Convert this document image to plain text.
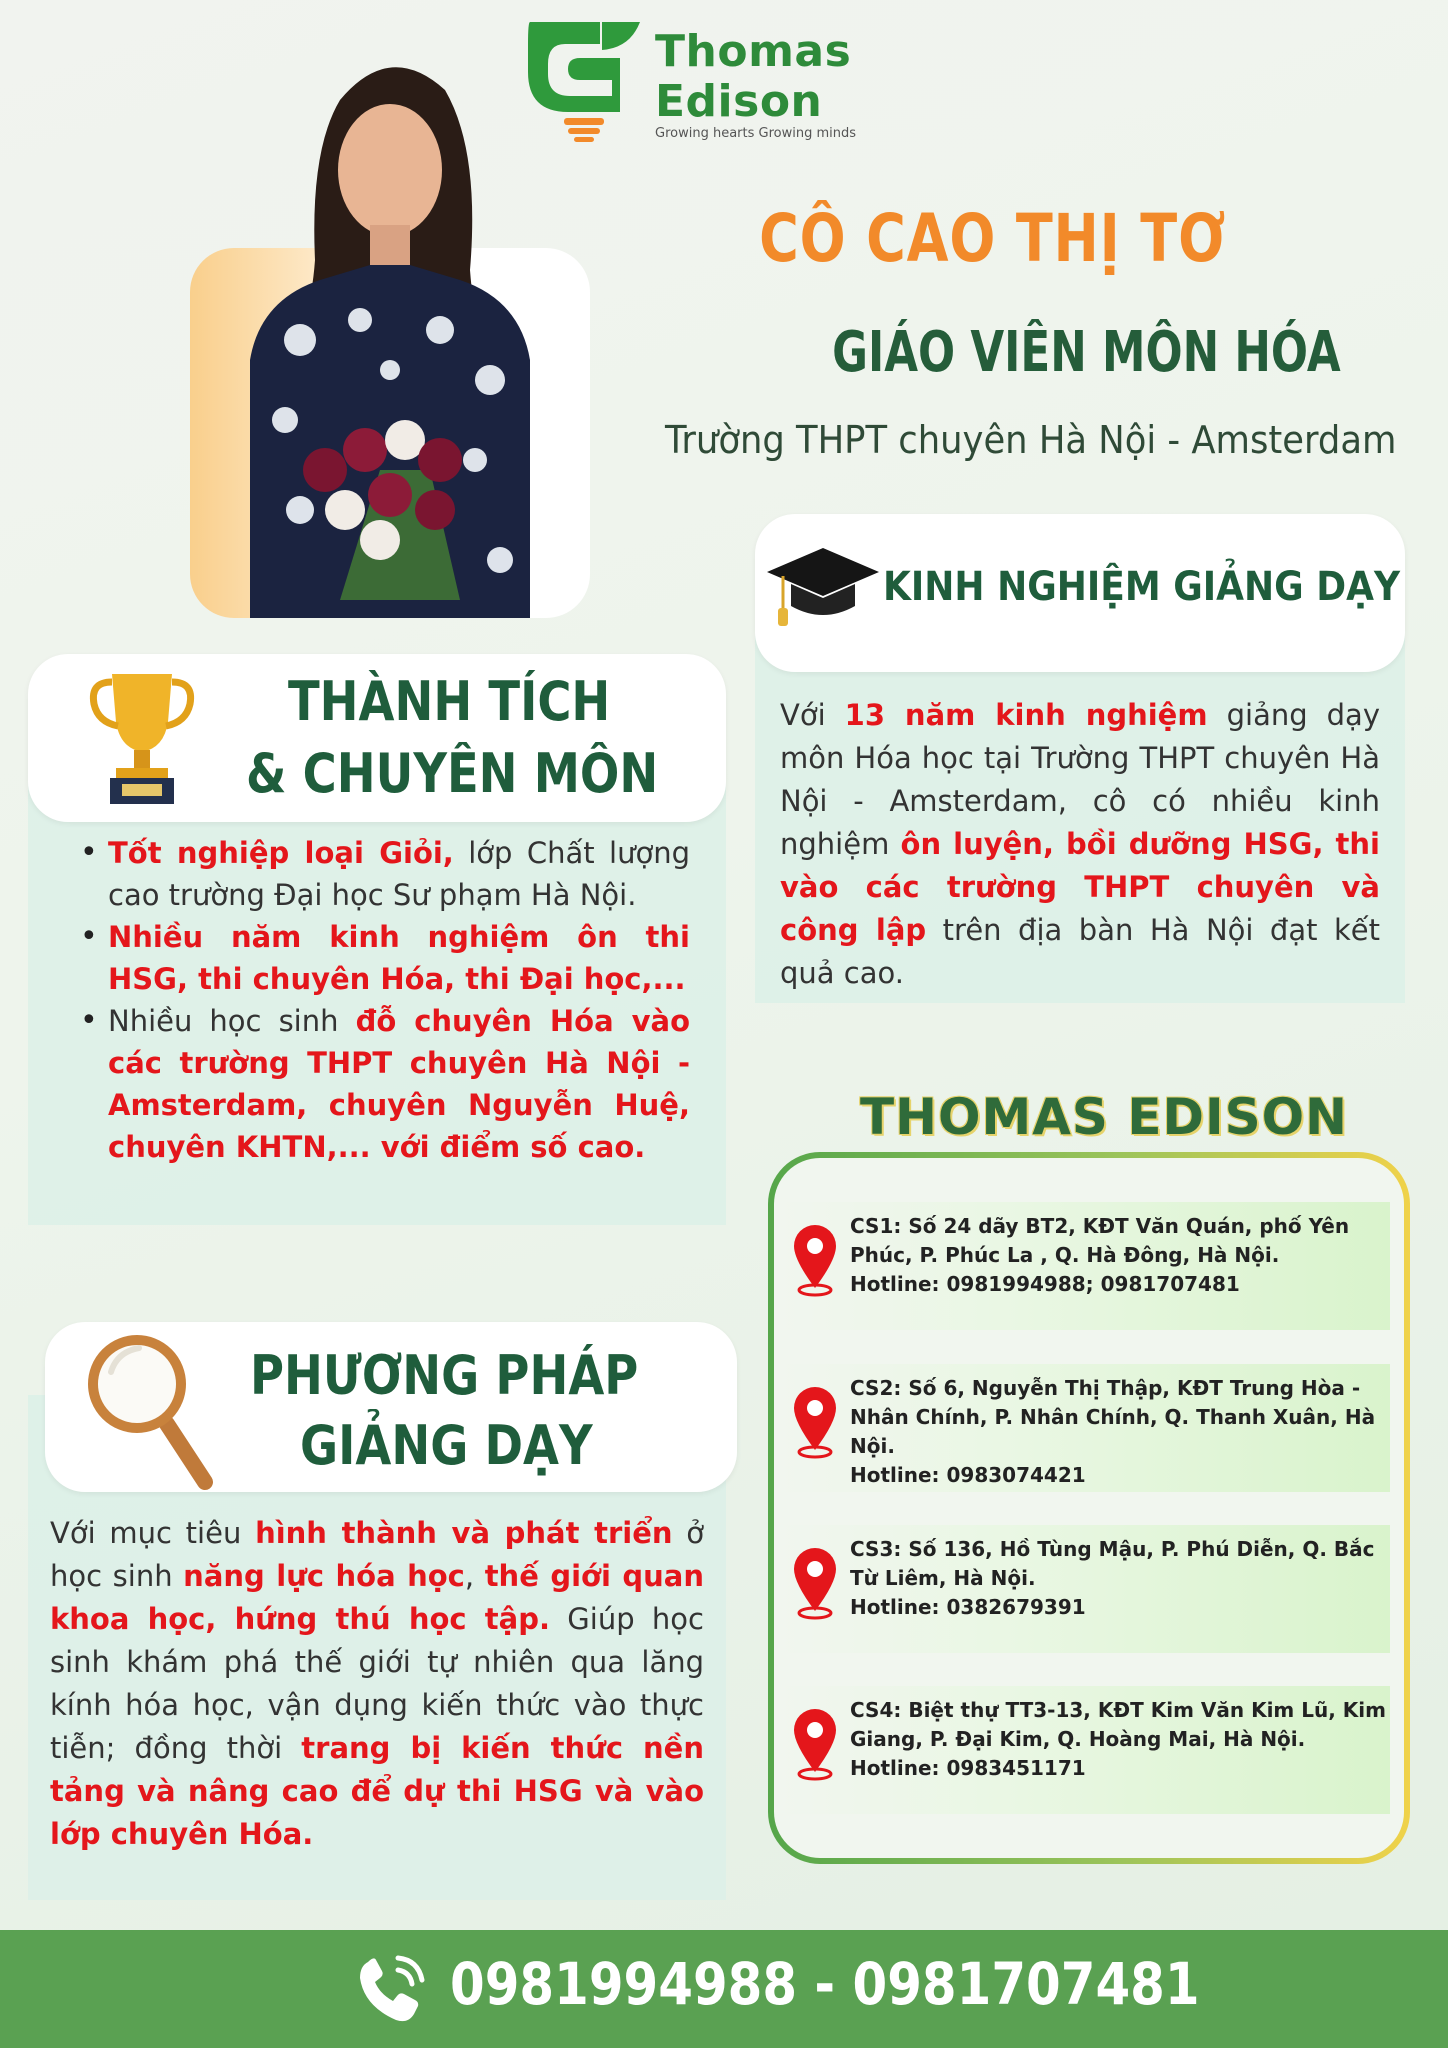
Thomas
Edison
Growing hearts Growing minds
CÔ CAO THỊ TƠ
GIÁO VIÊN MÔN HÓA
Trường THPT chuyên Hà Nội - Amsterdam
THÀNH TÍCH
& CHUYÊN MÔN
• Tốt nghiệp loại Giỏi, lớp Chất lượng cao trường Đại học Sư phạm Hà Nội.
• Nhiều năm kinh nghiệm ôn thi HSG, thi chuyên Hóa, thi Đại học,...
• Nhiều học sinh đỗ chuyên Hóa vào các trường THPT chuyên Hà Nội - Amsterdam, chuyên Nguyễn Huệ, chuyên KHTN,... với điểm số cao.
KINH NGHIỆM GIẢNG DẠY
Với 13 năm kinh nghiệm giảng dạy môn Hóa học tại Trường THPT chuyên Hà Nội - Amsterdam, cô có nhiều kinh nghiệm ôn luyện, bồi dưỡng HSG, thi vào các trường THPT chuyên và công lập trên địa bàn Hà Nội đạt kết quả cao.
PHƯƠNG PHÁP
GIẢNG DẠY
Với mục tiêu hình thành và phát triển ở học sinh năng lực hóa học, thế giới quan khoa học, hứng thú học tập. Giúp học sinh khám phá thế giới tự nhiên qua lăng kính hóa học, vận dụng kiến thức vào thực tiễn; đồng thời trang bị kiến thức nền tảng và nâng cao để dự thi HSG và vào lớp chuyên Hóa.
THOMAS EDISON
CS1: Số 24 dãy BT2, KĐT Văn Quán, phố Yên Phúc, P. Phúc La , Q. Hà Đông, Hà Nội.
Hotline: 0981994988; 0981707481
CS2: Số 6, Nguyễn Thị Thập, KĐT Trung Hòa - Nhân Chính, P. Nhân Chính, Q. Thanh Xuân, Hà Nội.
Hotline: 0983074421
CS3: Số 136, Hồ Tùng Mậu, P. Phú Diễn, Q. Bắc Từ Liêm, Hà Nội.
Hotline: 0382679391
CS4: Biệt thự TT3-13, KĐT Kim Văn Kim Lũ, Kim Giang, P. Đại Kim, Q. Hoàng Mai, Hà Nội.
Hotline: 0983451171
0981994988 - 0981707481
